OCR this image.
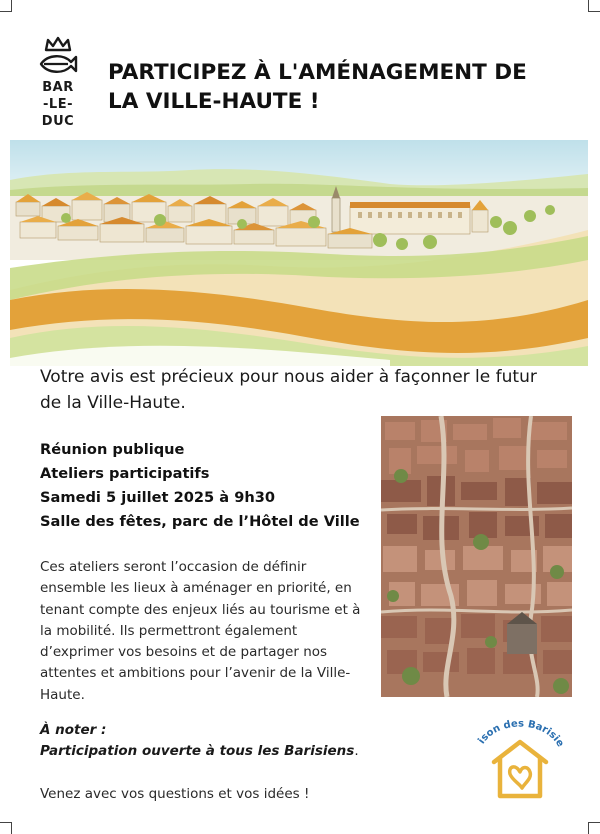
BAR
-LE-
DUC
PARTICIPEZ À L'AMÉNAGEMENT DE
LA VILLE-HAUTE !
Votre avis est précieux pour nous aider à façonner le futur de la Ville-Haute.
Réunion publique
Ateliers participatifs
Samedi 5 juillet 2025 à 9h30
Salle des fêtes, parc de l’Hôtel de Ville
Ces ateliers seront l’occasion de définir ensemble les lieux à aménager en priorité, en tenant compte des enjeux liés au tourisme et à la mobilité. Ils permettront également d’exprimer vos besoins et de partager nos attentes et ambitions pour l’avenir de la Ville-Haute.
À noter :
Participation ouverte à tous les Barisiens.
Venez avec vos questions et vos idées !
ison des Barisie
